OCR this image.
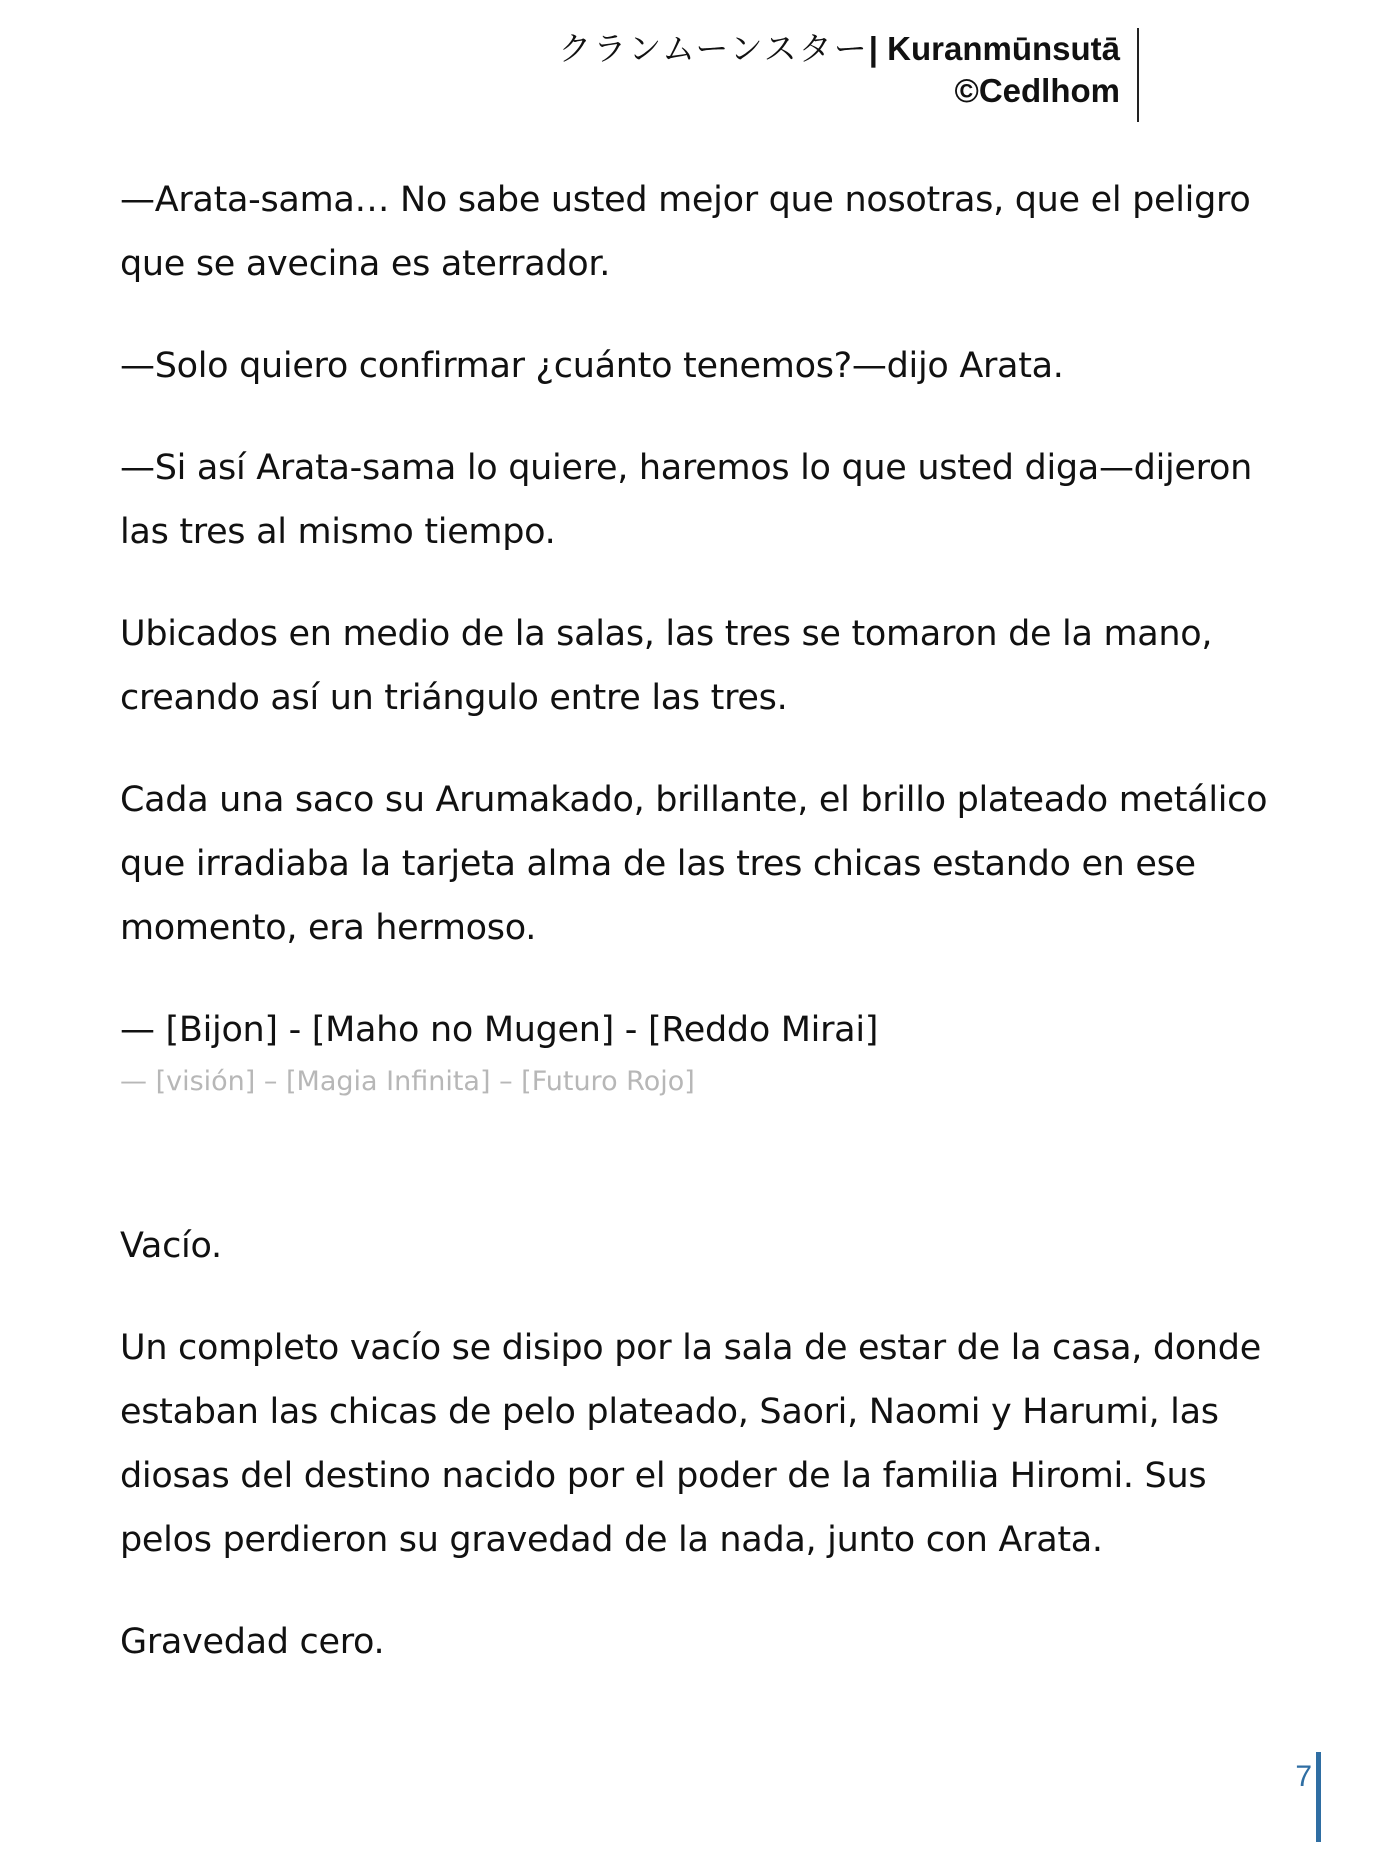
クランムーンスター| Kuranmūnsutā
©Cedlhom

—Arata-sama… No sabe usted mejor que nosotras, que el peligro que se avecina es aterrador.

—Solo quiero confirmar ¿cuánto tenemos?—dijo Arata.

—Si así Arata-sama lo quiere, haremos lo que usted diga—dijeron las tres al mismo tiempo.

Ubicados en medio de la salas, las tres se tomaron de la mano, creando así un triángulo entre las tres.

Cada una saco su Arumakado, brillante, el brillo plateado metálico que irradiaba la tarjeta alma de las tres chicas estando en ese momento, era hermoso.

— [Bijon] - [Maho no Mugen] - [Reddo Mirai]

— [visión] – [Magia Infinita] – [Futuro Rojo]

Vacío.

Un completo vacío se disipo por la sala de estar de la casa, donde estaban las chicas de pelo plateado, Saori, Naomi y Harumi, las diosas del destino nacido por el poder de la familia Hiromi. Sus pelos perdieron su gravedad de la nada, junto con Arata.

Gravedad cero.

7
